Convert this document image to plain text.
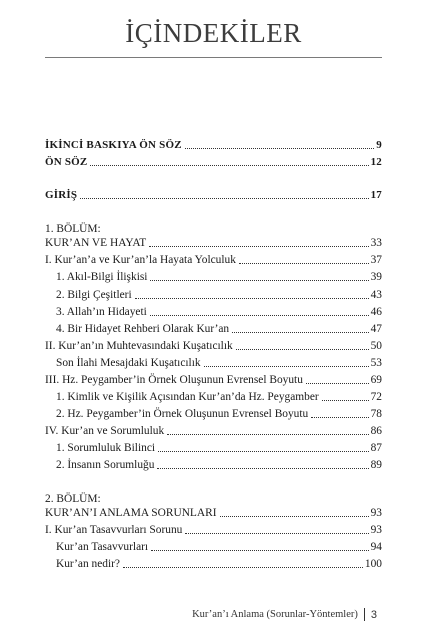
İÇİNDEKİLER
İKİNCİ BASKIYA ÖN SÖZ	9
ÖN SÖZ	12
GİRİŞ	17
1. BÖLÜM:
KUR’AN VE HAYAT	33
I. Kur’an’a ve Kur’an’la Hayata Yolculuk	37
1. Akıl-Bilgi İlişkisi	39
2. Bilgi Çeşitleri	43
3. Allah’ın Hidayeti	46
4. Bir Hidayet Rehberi Olarak Kur’an	47
II. Kur’an’ın Muhtevasındaki Kuşatıcılık	50
Son İlahi Mesajdaki Kuşatıcılık	53
III. Hz. Peygamber’in Örnek Oluşunun Evrensel Boyutu	69
1. Kimlik ve Kişilik Açısından Kur’an’da Hz. Peygamber	72
2. Hz. Peygamber’in Örnek Oluşunun Evrensel Boyutu	78
IV. Kur’an ve Sorumluluk	86
1. Sorumluluk Bilinci	87
2. İnsanın Sorumluğu	89
2. BÖLÜM:
KUR’AN’I ANLAMA SORUNLARI	93
I. Kur’an Tasavvurları Sorunu	93
Kur’an Tasavvurları	94
Kur’an nedir?	100
Kur’an’ı Anlama (Sorunlar-Yöntemler) 3
